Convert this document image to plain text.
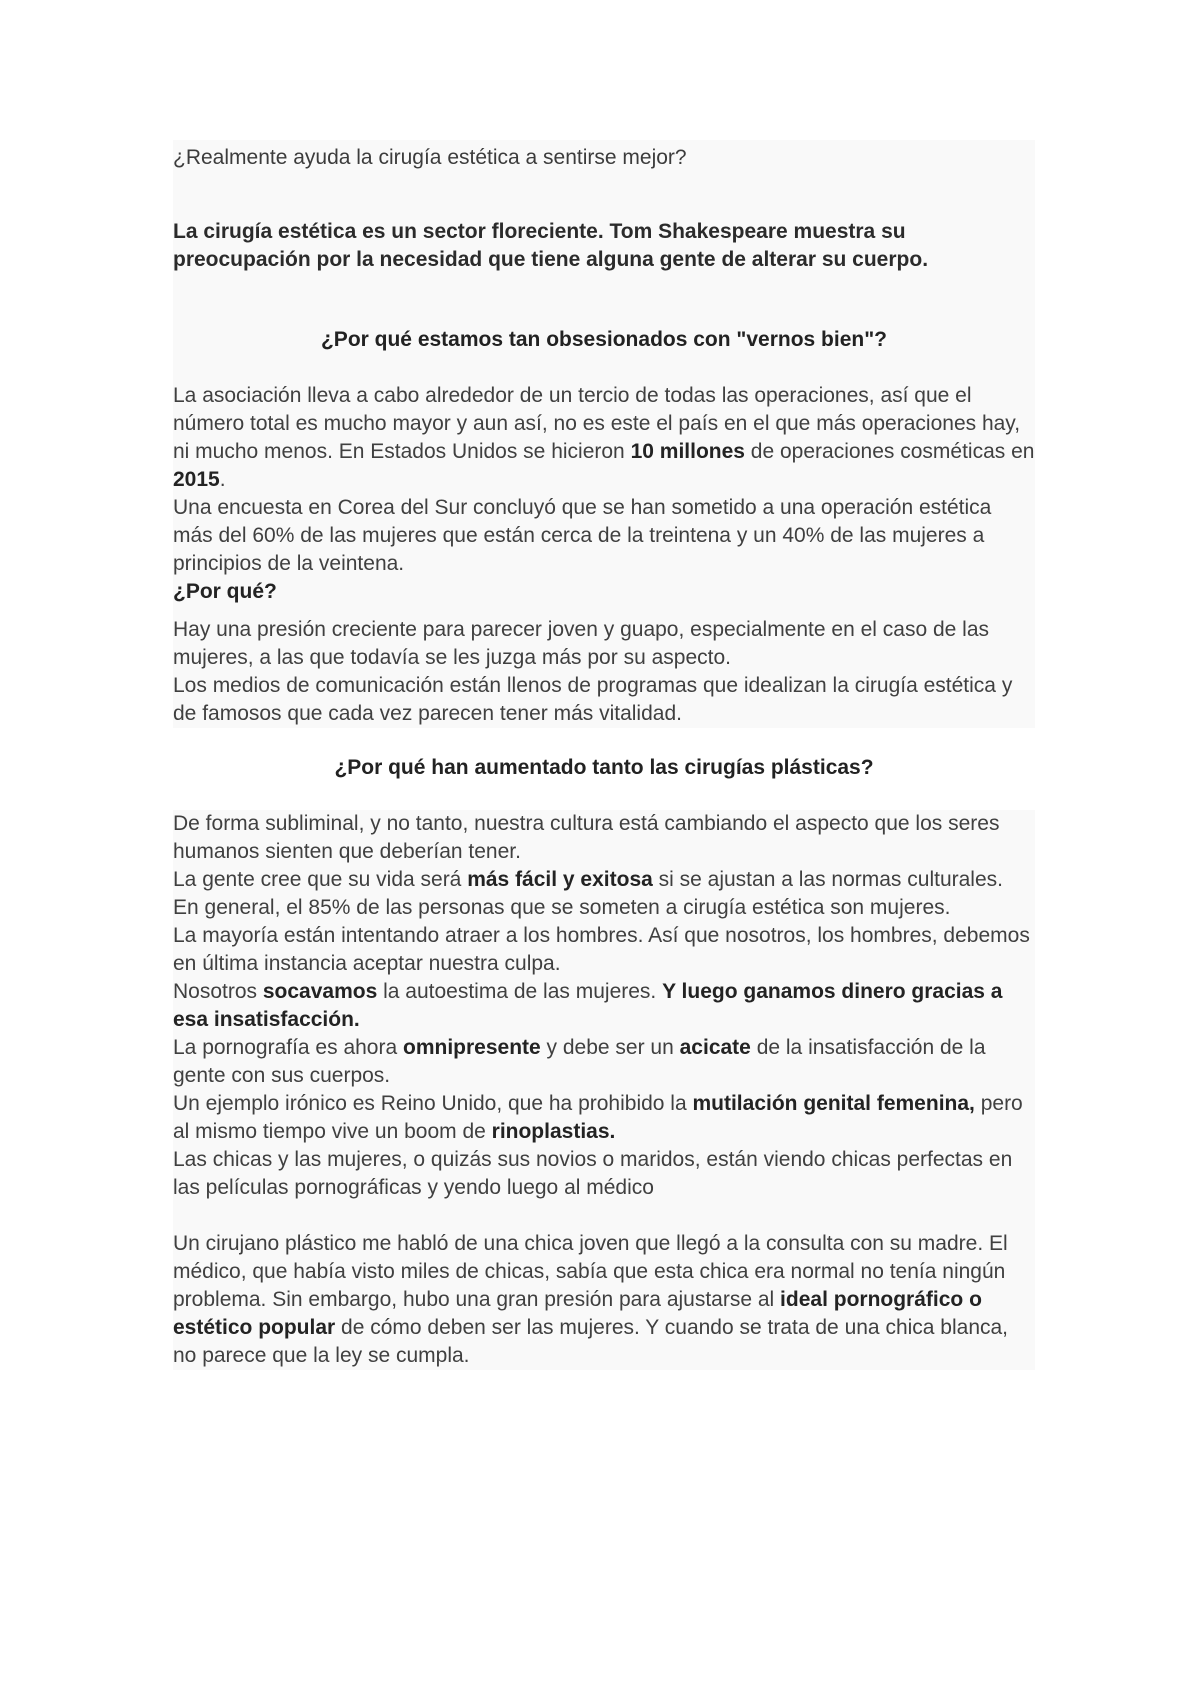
¿Realmente ayuda la cirugía estética a sentirse mejor?

La cirugía estética es un sector floreciente. Tom Shakespeare muestra su preocupación por la necesidad que tiene alguna gente de alterar su cuerpo.

¿Por qué estamos tan obsesionados con "vernos bien"?

La asociación lleva a cabo alrededor de un tercio de todas las operaciones, así que el número total es mucho mayor y aun así, no es este el país en el que más operaciones hay, ni mucho menos. En Estados Unidos se hicieron 10 millones de operaciones cosméticas en 2015.

Una encuesta en Corea del Sur concluyó que se han sometido a una operación estética más del 60% de las mujeres que están cerca de la treintena y un 40% de las mujeres a principios de la veintena.

¿Por qué?

Hay una presión creciente para parecer joven y guapo, especialmente en el caso de las mujeres, a las que todavía se les juzga más por su aspecto.

Los medios de comunicación están llenos de programas que idealizan la cirugía estética y de famosos que cada vez parecen tener más vitalidad.

¿Por qué han aumentado tanto las cirugías plásticas?

De forma subliminal, y no tanto, nuestra cultura está cambiando el aspecto que los seres humanos sienten que deberían tener.

La gente cree que su vida será más fácil y exitosa si se ajustan a las normas culturales.

En general, el 85% de las personas que se someten a cirugía estética son mujeres.

La mayoría están intentando atraer a los hombres. Así que nosotros, los hombres, debemos en última instancia aceptar nuestra culpa.

Nosotros socavamos la autoestima de las mujeres. Y luego ganamos dinero gracias a esa insatisfacción.

La pornografía es ahora omnipresente y debe ser un acicate de la insatisfacción de la gente con sus cuerpos.

Un ejemplo irónico es Reino Unido, que ha prohibido la mutilación genital femenina, pero al mismo tiempo vive un boom de rinoplastias.

Las chicas y las mujeres, o quizás sus novios o maridos, están viendo chicas perfectas en las películas pornográficas y yendo luego al médico

Un cirujano plástico me habló de una chica joven que llegó a la consulta con su madre. El médico, que había visto miles de chicas, sabía que esta chica era normal no tenía ningún problema. Sin embargo, hubo una gran presión para ajustarse al ideal pornográfico o estético popular de cómo deben ser las mujeres. Y cuando se trata de una chica blanca, no parece que la ley se cumpla.
